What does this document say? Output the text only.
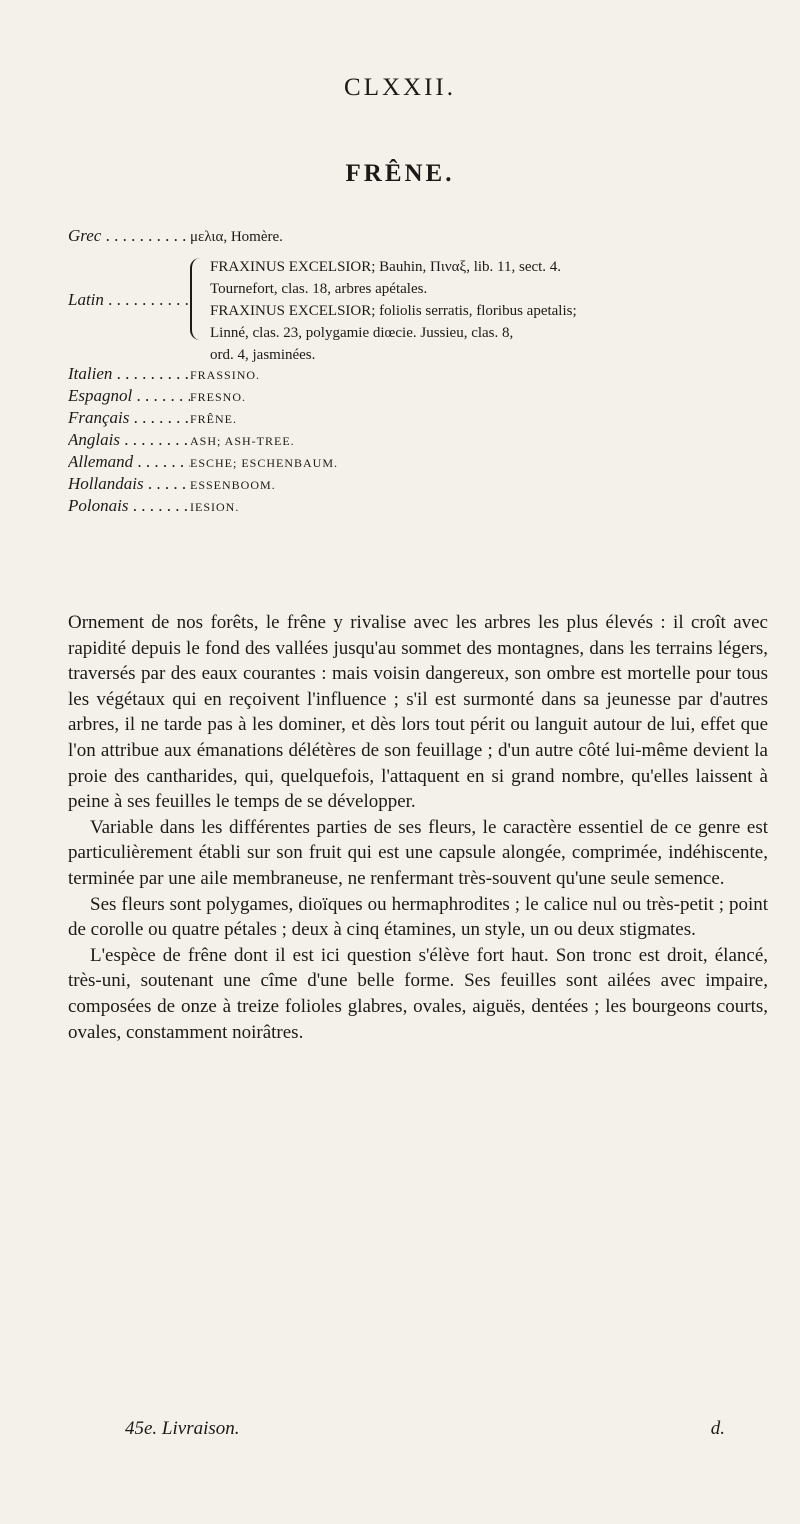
CLXXII.
FRÊNE.
Grec . . .	μελια, Homère.
Latin . . .
FRAXINUS EXCELSIOR; Bauhin, Πιναξ, lib. 11, sect. 4.
Tournefort, clas. 18, arbres apétales.
FRAXINUS EXCELSIOR; foliolis serratis, floribus apetalis;
Linné, clas. 23, polygamie diœcie. Jussieu, clas. 8,
ord. 4, jasminées.
Italien . . .	FRASSINO.
Espagnol . . .	FRESNO.
Français . . .	FRÊNE.
Anglais . . .	ASH; ASH-TREE.
Allemand . . .	ESCHE; ESCHENBAUM.
Hollandais . . .	ESSENBOOM.
Polonais . . .	IESION.

Ornement de nos forêts, le frêne y rivalise avec les arbres les plus élevés : il croît avec rapidité depuis le fond des vallées jusqu'au sommet des montagnes, dans les terrains légers, traversés par des eaux courantes : mais voisin dangereux, son ombre est mortelle pour tous les végétaux qui en reçoivent l'influence ; s'il est surmonté dans sa jeunesse par d'autres arbres, il ne tarde pas à les dominer, et dès lors tout périt ou languit autour de lui, effet que l'on attribue aux émanations délétères de son feuillage ; d'un autre côté lui-même devient la proie des cantharides, qui, quelquefois, l'attaquent en si grand nombre, qu'elles laissent à peine à ses feuilles le temps de se développer.

Variable dans les différentes parties de ses fleurs, le caractère essentiel de ce genre est particulièrement établi sur son fruit qui est une capsule alongée, comprimée, indéhiscente, terminée par une aile membraneuse, ne renfermant très-souvent qu'une seule semence.

Ses fleurs sont polygames, dioïques ou hermaphrodites ; le calice nul ou très-petit ; point de corolle ou quatre pétales ; deux à cinq étamines, un style, un ou deux stigmates.

L'espèce de frêne dont il est ici question s'élève fort haut. Son tronc est droit, élancé, très-uni, soutenant une cîme d'une belle forme. Ses feuilles sont ailées avec impaire, composées de onze à treize folioles glabres, ovales, aiguës, dentées ; les bourgeons courts, ovales, constamment noirâtres.

45e. Livraison.	d.
